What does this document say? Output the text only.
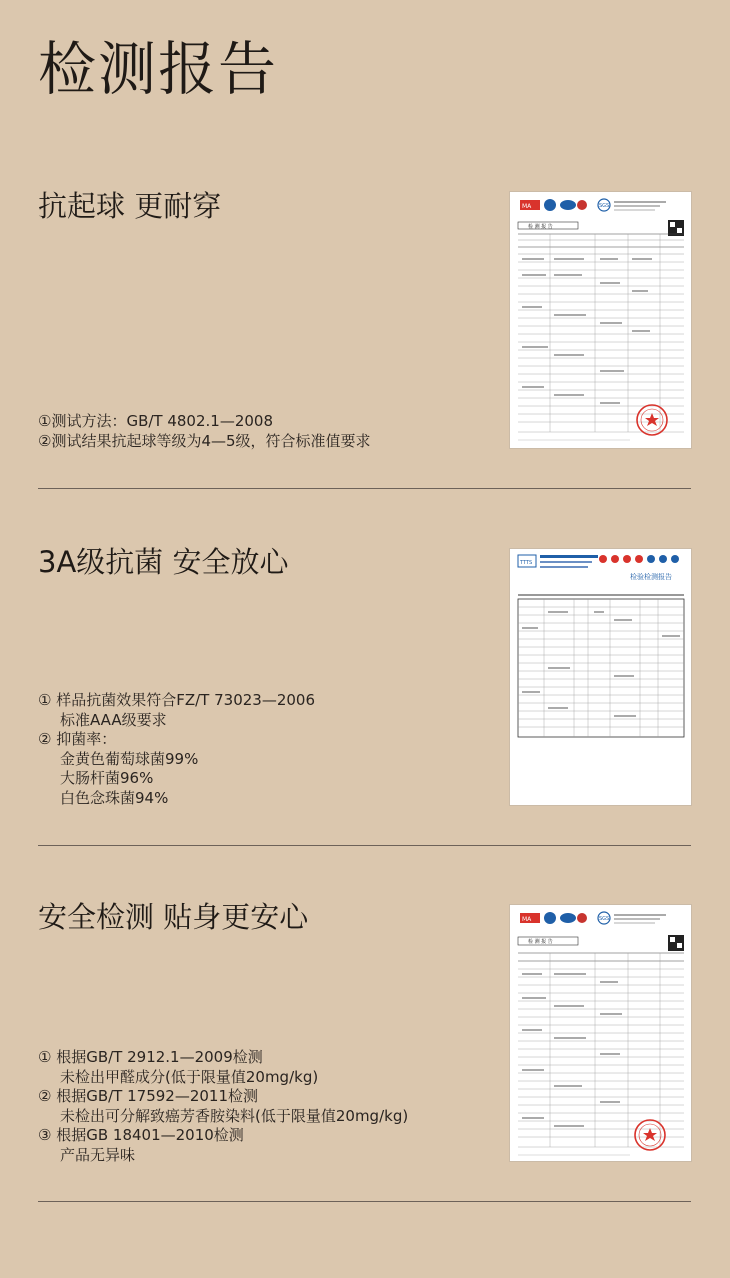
检测报告
抗起球 更耐穿
①测试方法：GB/T 4802.1—2008
②测试结果抗起球等级为4—5级，符合标准值要求
MA	SGS
检 测 报 告
3A级抗菌 安全放心
① 样品抗菌效果符合FZ/T 73023—2006
标准AAA级要求
② 抑菌率：
金黄色葡萄球菌99%
大肠杆菌96%
白色念珠菌94%
TTTS
检验检测报告
安全检测 贴身更安心
① 根据GB/T 2912.1—2009检测
未检出甲醛成分(低于限量值20mg/kg)
② 根据GB/T 17592—2011检测
未检出可分解致癌芳香胺染料(低于限量值20mg/kg)
③ 根据GB 18401—2010检测
产品无异味
MA	SGS
检 测 报 告
